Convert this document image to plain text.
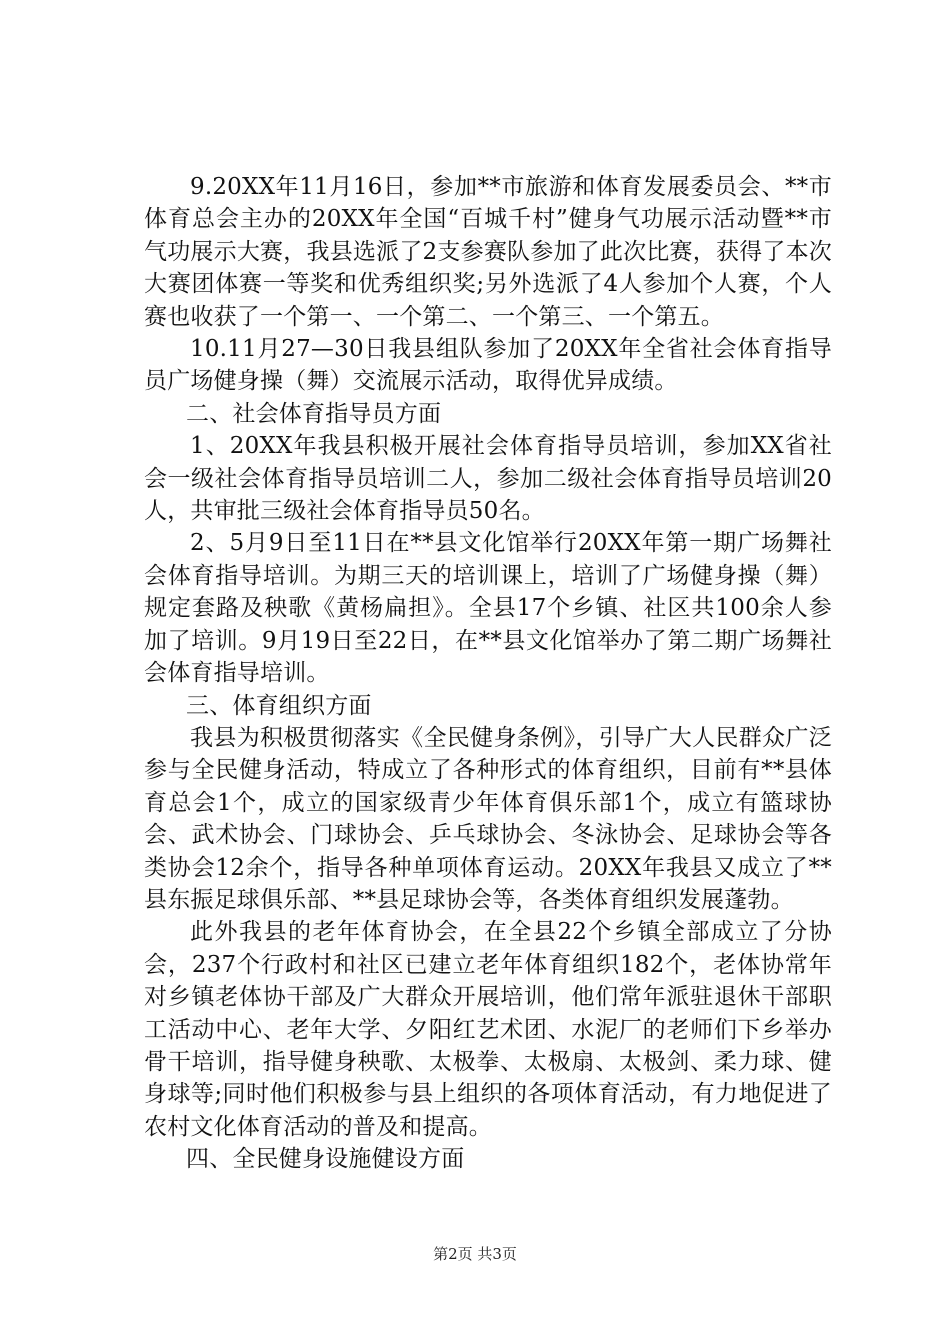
9.20XX年11月16日，参加**市旅游和体育发展委员会、**市体育总会主办的20XX年全国“百城千村”健身气功展示活动暨**市气功展示大赛，我县选派了2支参赛队参加了此次比赛，获得了本次大赛团体赛一等奖和优秀组织奖;另外选派了4人参加个人赛，个人赛也收获了一个第一、一个第二、一个第三、一个第五。

10.11月27—30日我县组队参加了20XX年全省社会体育指导员广场健身操（舞）交流展示活动，取得优异成绩。

二、社会体育指导员方面

1、20XX年我县积极开展社会体育指导员培训，参加XX省社会一级社会体育指导员培训二人，参加二级社会体育指导员培训20人，共审批三级社会体育指导员50名。

2、5月9日至11日在**县文化馆举行20XX年第一期广场舞社会体育指导培训。为期三天的培训课上，培训了广场健身操（舞）规定套路及秧歌《黄杨扁担》。全县17个乡镇、社区共100余人参加了培训。9月19日至22日，在**县文化馆举办了第二期广场舞社会体育指导培训。

三、体育组织方面

我县为积极贯彻落实《全民健身条例》，引导广大人民群众广泛参与全民健身活动，特成立了各种形式的体育组织，目前有**县体育总会1个，成立的国家级青少年体育俱乐部1个，成立有篮球协会、武术协会、门球协会、乒乓球协会、冬泳协会、足球协会等各类协会12余个，指导各种单项体育运动。20XX年我县又成立了**县东振足球俱乐部、**县足球协会等，各类体育组织发展蓬勃。

此外我县的老年体育协会，在全县22个乡镇全部成立了分协会，237个行政村和社区已建立老年体育组织182个，老体协常年对乡镇老体协干部及广大群众开展培训，他们常年派驻退休干部职工活动中心、老年大学、夕阳红艺术团、水泥厂的老师们下乡举办骨干培训，指导健身秧歌、太极拳、太极扇、太极剑、柔力球、健身球等;同时他们积极参与县上组织的各项体育活动，有力地促进了农村文化体育活动的普及和提高。

四、全民健身设施健设方面

第2页 共3页
